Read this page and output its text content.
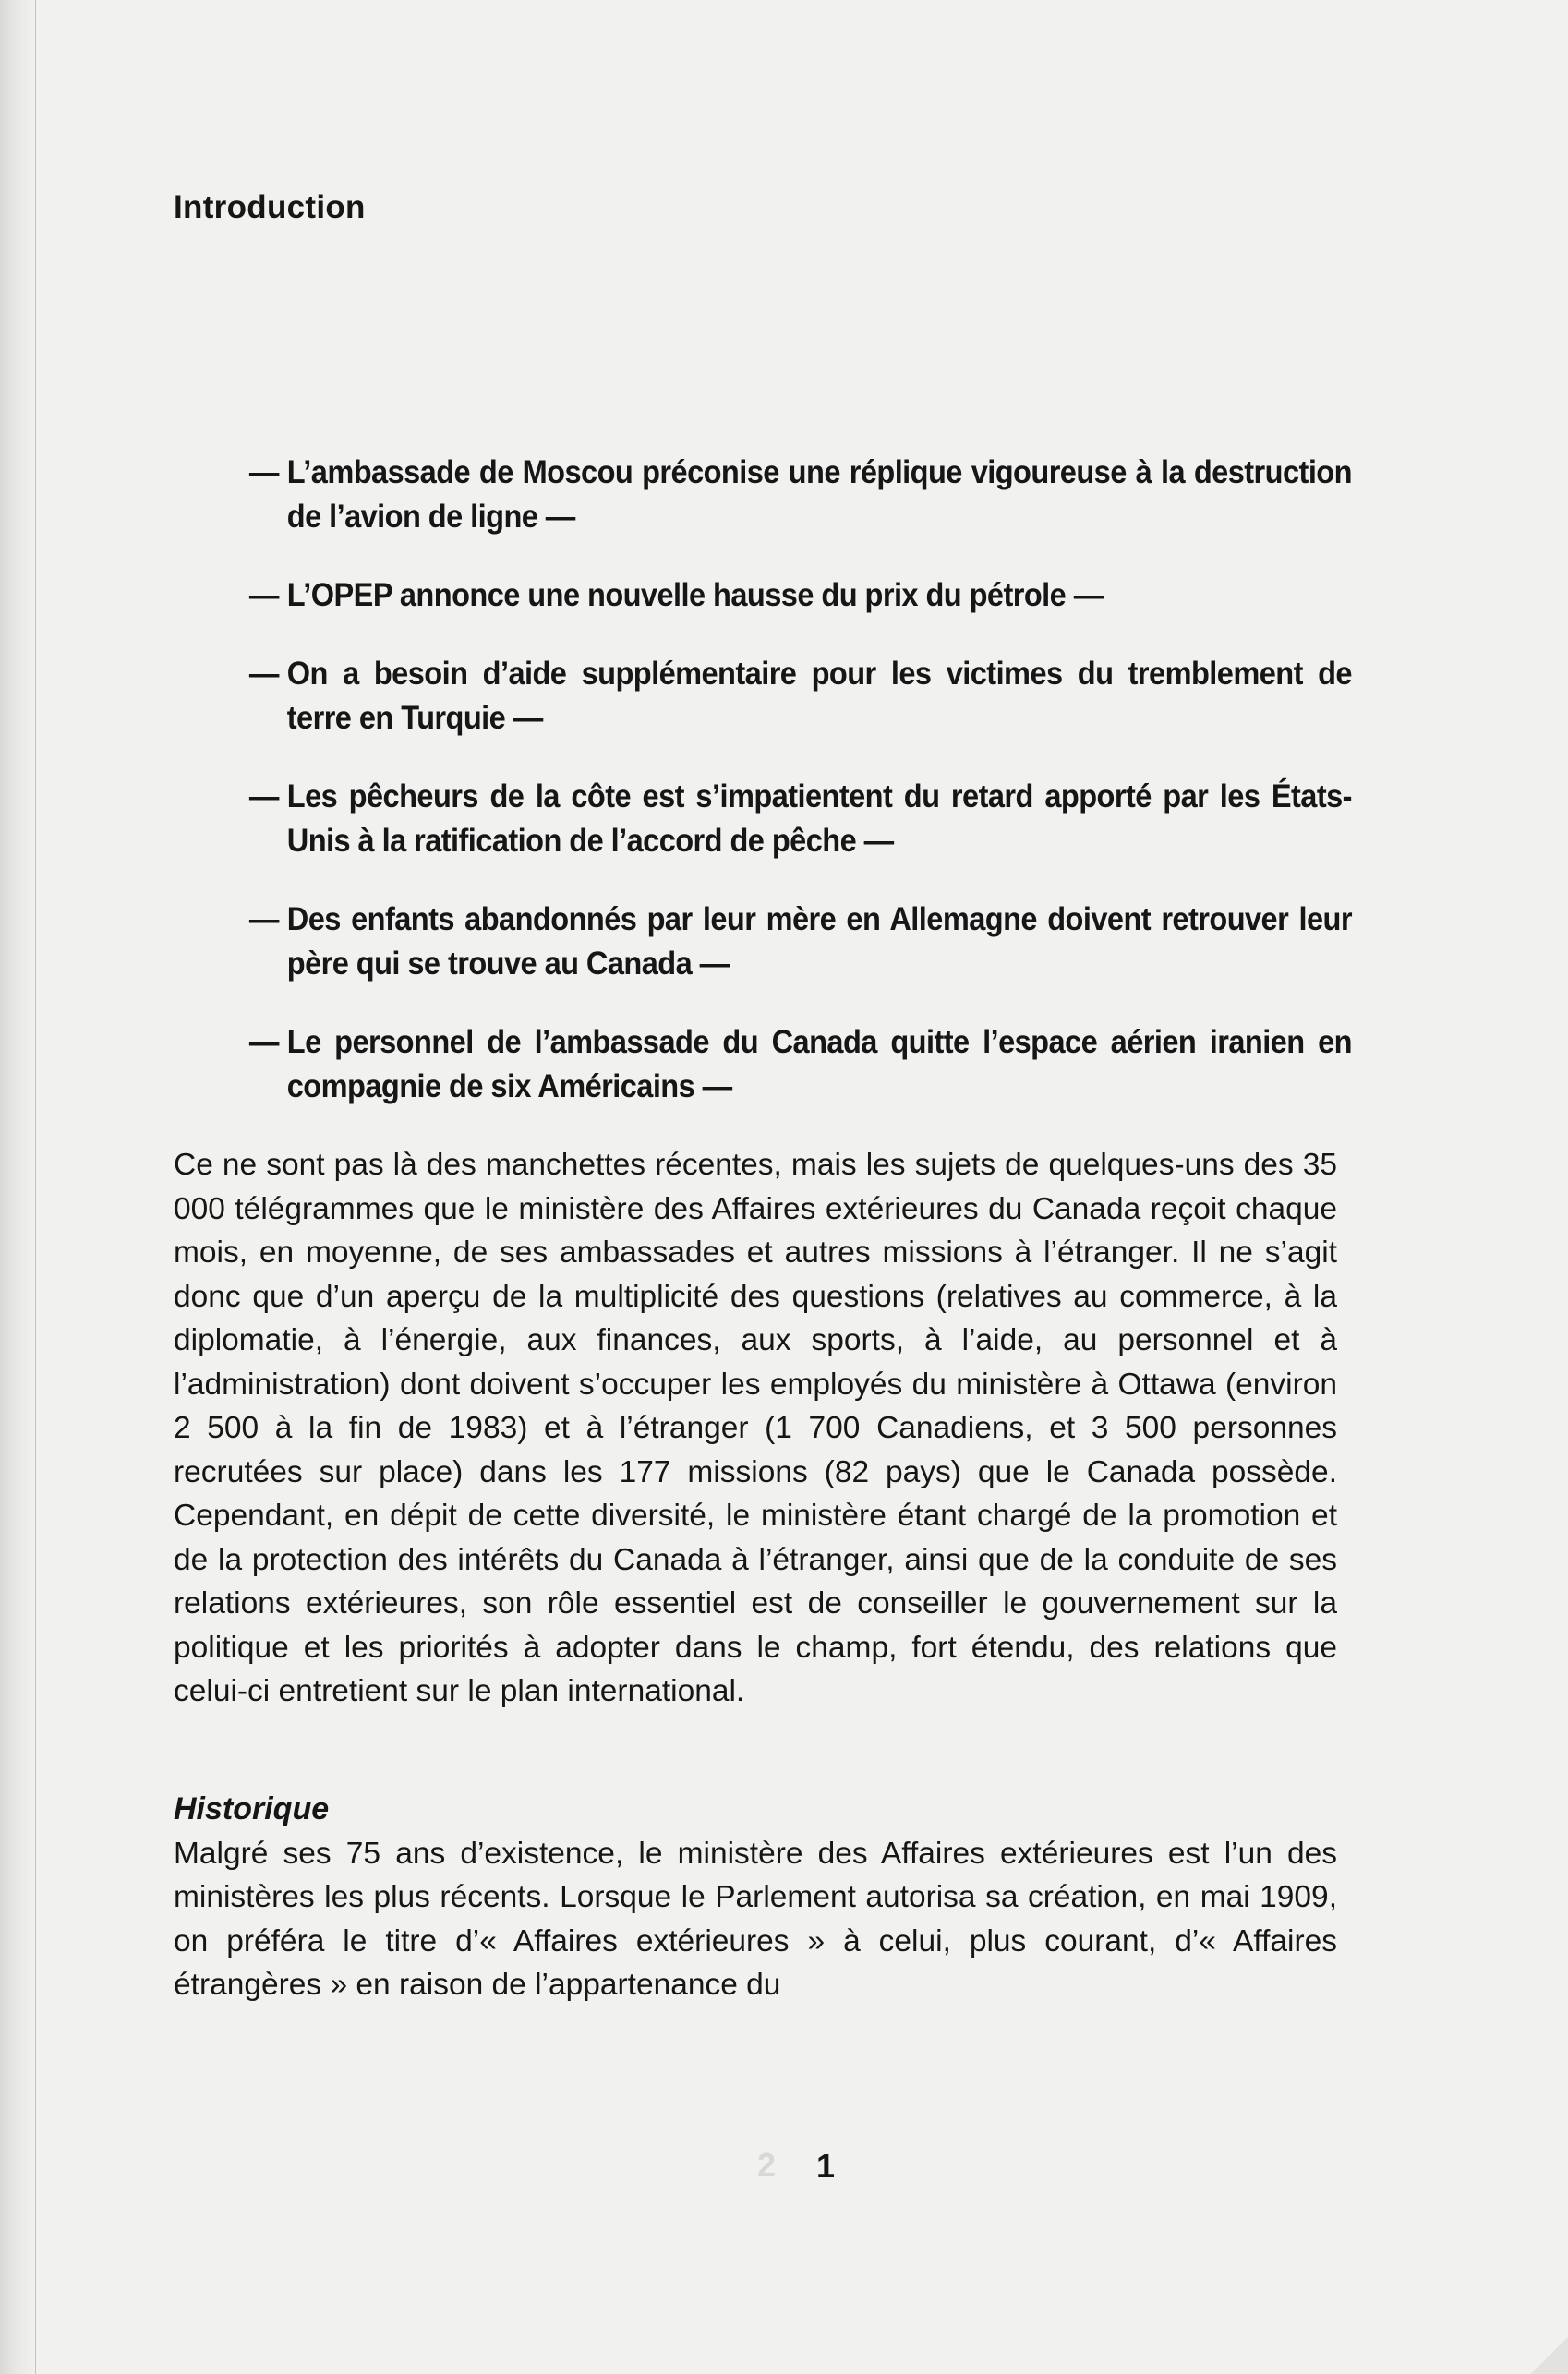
Introduction
— L’ambassade de Moscou préconise une réplique vigoureuse à la destruction de l’avion de ligne —
— L’OPEP annonce une nouvelle hausse du prix du pétrole —
— On a besoin d’aide supplémentaire pour les victimes du tremblement de terre en Turquie —
— Les pêcheurs de la côte est s’impatientent du retard apporté par les États-Unis à la ratification de l’accord de pêche —
— Des enfants abandonnés par leur mère en Allemagne doivent retrouver leur père qui se trouve au Canada —
— Le personnel de l’ambassade du Canada quitte l’espace aérien iranien en compagnie de six Américains —

Ce ne sont pas là des manchettes récentes, mais les sujets de quelques-uns des 35 000 télégrammes que le ministère des Affaires extérieures du Canada reçoit chaque mois, en moyenne, de ses ambassades et autres missions à l’étranger. Il ne s’agit donc que d’un aperçu de la multiplicité des questions (relatives au commerce, à la diplomatie, à l’énergie, aux finances, aux sports, à l’aide, au personnel et à l’administration) dont doivent s’occuper les employés du ministère à Ottawa (environ 2 500 à la fin de 1983) et à l’étranger (1 700 Canadiens, et 3 500 personnes recrutées sur place) dans les 177 missions (82 pays) que le Canada possède. Cependant, en dépit de cette diversité, le ministère étant chargé de la promotion et de la protection des intérêts du Canada à l’étranger, ainsi que de la conduite de ses relations extérieures, son rôle essentiel est de conseiller le gouvernement sur la politique et les priorités à adopter dans le champ, fort étendu, des relations que celui-ci entretient sur le plan international.

Historique

Malgré ses 75 ans d’existence, le ministère des Affaires extérieures est l’un des ministères les plus récents. Lorsque le Parlement autorisa sa création, en mai 1909, on préféra le titre d’« Affaires extérieures » à celui, plus courant, d’« Affaires étrangères » en raison de l’appartenance du

2 1
